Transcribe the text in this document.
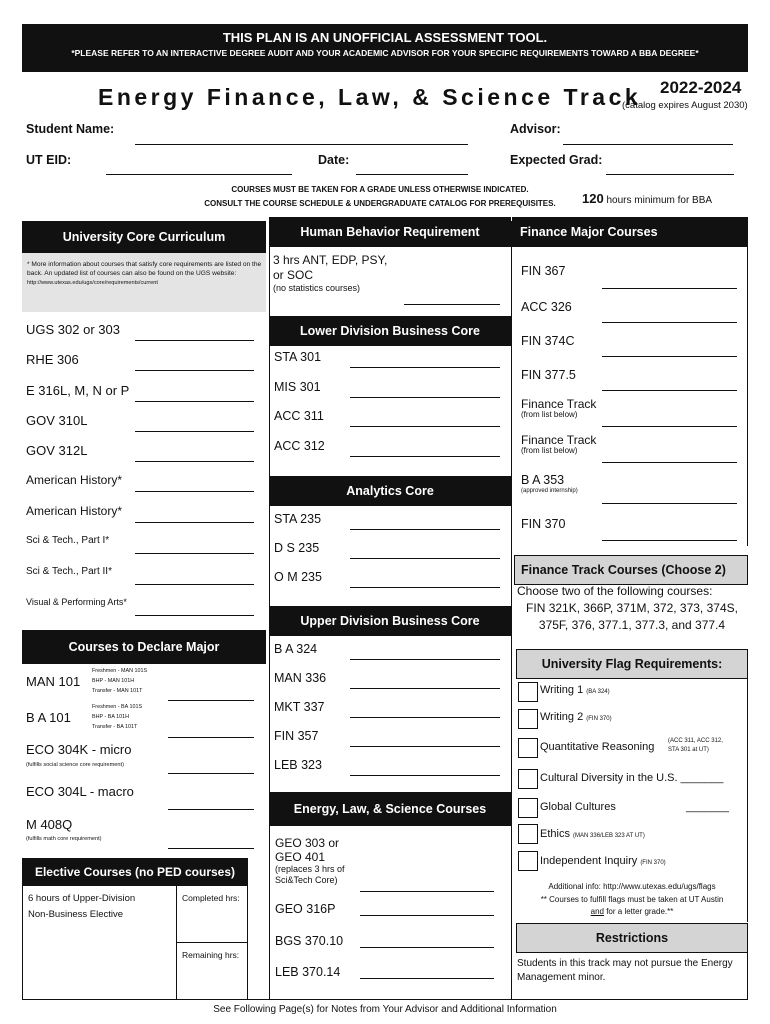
THIS PLAN IS AN UNOFFICIAL ASSESSMENT TOOL.
*PLEASE REFER TO AN INTERACTIVE DEGREE AUDIT AND YOUR ACADEMIC ADVISOR FOR YOUR SPECIFIC REQUIREMENTS TOWARD A BBA DEGREE*
Energy Finance, Law, & Science Track 2022-2024
(catalog expires August 2030)
Student Name:	Advisor:
UT EID:	Date:	Expected Grad:
COURSES MUST BE TAKEN FOR A GRADE UNLESS OTHERWISE INDICATED.
CONSULT THE COURSE SCHEDULE & UNDERGRADUATE CATALOG FOR PREREQUISITES.	120 hours minimum for BBA
University Core Curriculum
* More information about courses that satisfy core requirements are listed on the back. An updated list of courses can also be found on the UGS website:
http://www.utexas.edu/ugs/core/requirements/current
UGS 302 or 303
RHE 306
E 316L, M, N or P
GOV 310L
GOV 312L
American History*
American History*
Sci & Tech., Part I*
Sci & Tech., Part II*
Visual & Performing Arts*
Courses to Declare Major
MAN 101
Freshmen - MAN 101S
BHP - MAN 101H
Transfer - MAN 101T
B A 101
Freshmen - BA 101S
BHP - BA 101H
Transfer - BA 101T
ECO 304K - micro
(fulfills social science core requirement)
ECO 304L - macro
M 408Q
(fulfills math core requirement)
Elective Courses (no PED courses)
6 hours of Upper-Division
Non-Business Elective
Completed hrs:
Remaining hrs:
Human Behavior Requirement
3 hrs ANT, EDP, PSY,
or SOC
(no statistics courses)
Lower Division Business Core
STA 301
MIS 301
ACC 311
ACC 312
Analytics Core
STA 235
D S 235
O M 235
Upper Division Business Core
B A 324
MAN 336
MKT 337
FIN 357
LEB 323
Energy, Law, & Science Courses
GEO 303 or
GEO 401
(replaces 3 hrs of
Sci&Tech Core)
GEO 316P
BGS 370.10
LEB 370.14
Finance Major Courses
FIN 367
ACC 326
FIN 374C
FIN 377.5
Finance Track
(from list below)
Finance Track
(from list below)
B A 353
(approved internship)
FIN 370
Finance Track Courses (Choose 2)
Choose two of the following courses:
FIN 321K, 366P, 371M, 372, 373, 374S,
375F, 376, 377.1, 377.3, and 377.4
University Flag Requirements:
Writing 1 (BA 324)
Writing 2 (FIN 370)
Quantitative Reasoning (ACC 311, ACC 312,
STA 301 at UT)
Cultural Diversity in the U.S. _______
Global Cultures	_______
Ethics (MAN 336/LEB 323 AT UT)
Independent Inquiry (FIN 370)
Additional info: http://www.utexas.edu/ugs/flags
** Courses to fulfill flags must be taken at UT Austin
and for a letter grade.**
Restrictions
Students in this track may not pursue the Energy
Management minor.
See Following Page(s) for Notes from Your Advisor and Additional Information
